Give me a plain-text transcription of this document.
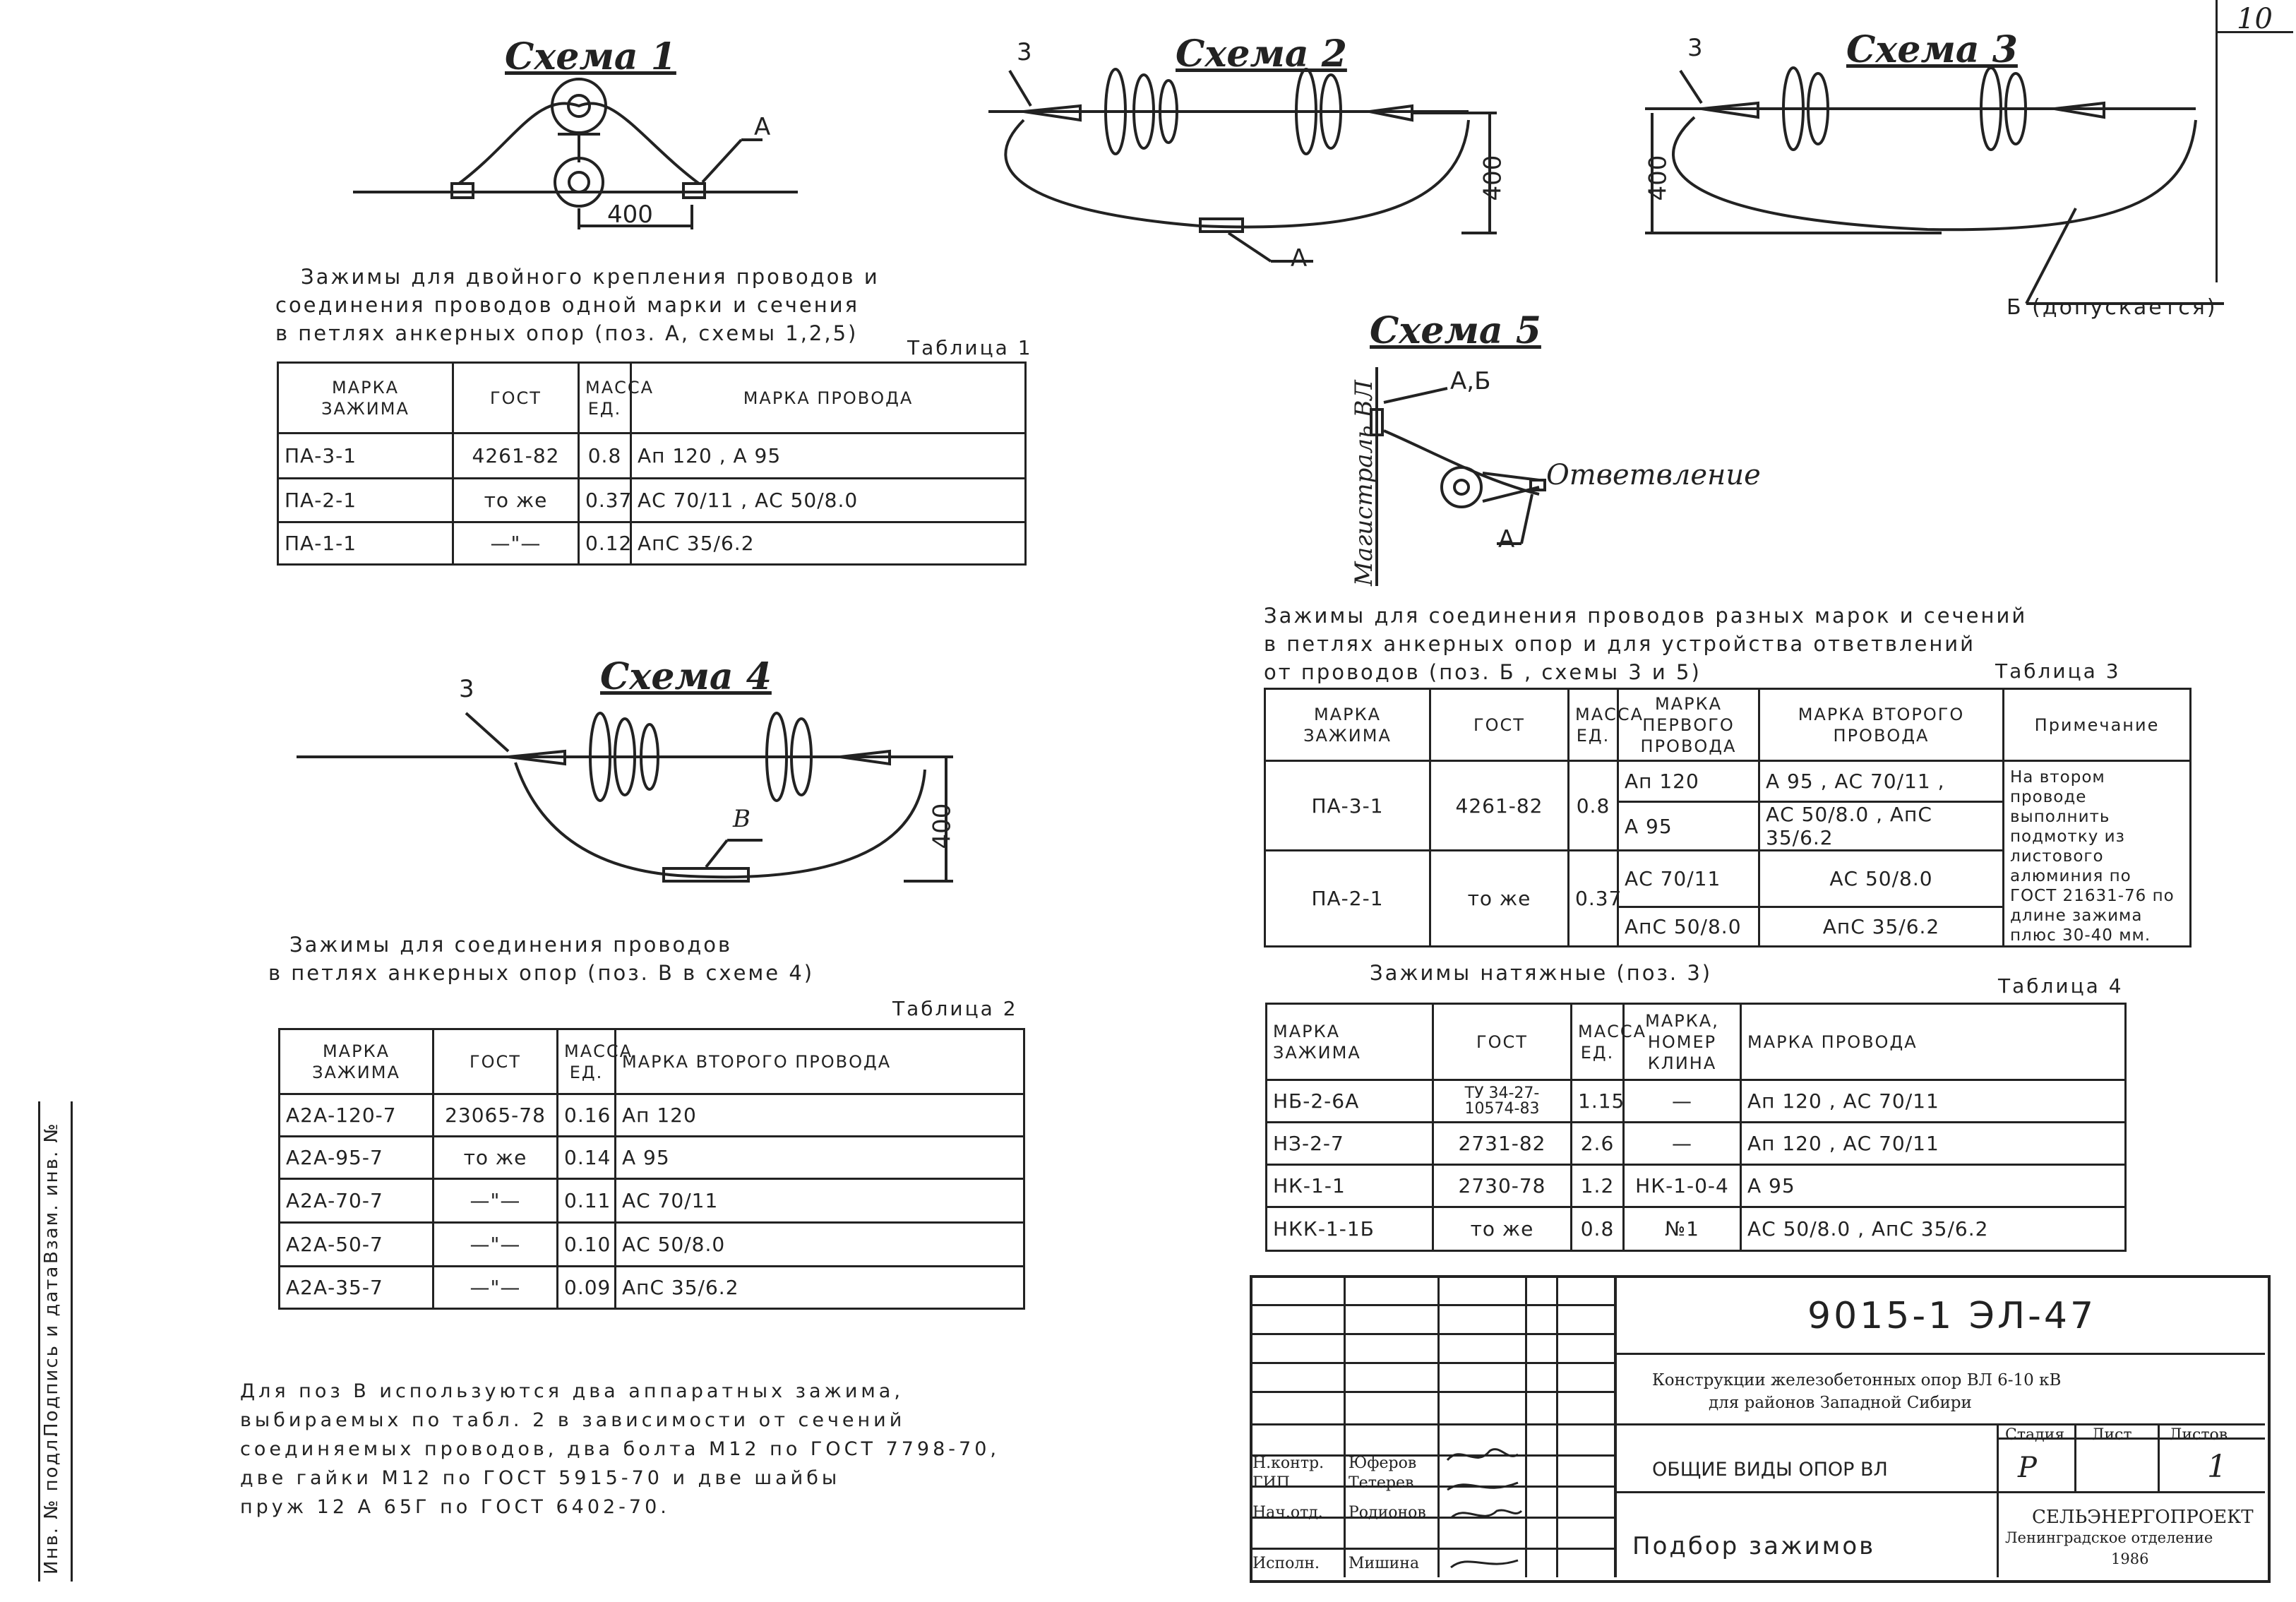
10
Схема 1
А
400
Схема 2
3
400
А
Схема 3
3
400
Б (допускается)
Схема 5
А,Б
Ответвление
А
Магистраль ВЛ
Зажимы для двойного крепления проводов и
соединения проводов одной марки и сечения
в петлях анкерных опор (поз. А, схемы 1,2,5)
Таблица 1
МАРКА ЗАЖИМА	ГОСТ	МАССА ЕД.	МАРКА ПРОВОДА
ПА-3-1	4261-82	0.8	Ап 120 , А 95
ПА-2-1	то же	0.37	АС 70/11 , АС 50/8.0
ПА-1-1	—"—	0.12	АпС 35/6.2
Схема 4
3
В	400
Зажимы для соединения проводов
в петлях анкерных опор (поз. В в схеме 4)
Таблица 2
МАРКА ЗАЖИМА	ГОСТ	МАССА ЕД.	МАРКА ВТОРОГО ПРОВОДА
А2А-120-7	23065-78	0.16	Ап 120
А2А-95-7	то же	0.14	А 95
А2А-70-7	—"—	0.11	АС 70/11
А2А-50-7	—"—	0.10	АС 50/8.0
А2А-35-7	—"—	0.09	АпС 35/6.2
Для поз В используются два аппаратных зажима,
выбираемых по табл. 2 в зависимости от сечений
соединяемых проводов, два болта М12 по ГОСТ 7798-70,
две гайки М12 по ГОСТ 5915-70 и две шайбы
пруж 12 А 65Г по ГОСТ 6402-70.
Зажимы для соединения проводов разных марок и сечений
в петлях анкерных опор и для устройства ответвлений
от проводов (поз. Б , схемы 3 и 5)	Таблица 3
МАРКА ЗАЖИМА	ГОСТ	МАССА ЕД.	МАРКА ПЕРВОГО ПРОВОДА	МАРКА ВТОРОГО ПРОВОДА	Примечание
ПА-3-1	4261-82	0.8	Ап 120	А 95 , АС 70/11 ,	На втором проводе выполнить подмотку из листового алюминия по ГОСТ 21631-76 по длине зажима плюс 30-40 мм.
			А 95	АС 50/8.0 , АпС 35/6.2	
ПА-2-1	то же	0.37	АС 70/11	АС 50/8.0	
			АпС 50/8.0	АпС 35/6.2	
Зажимы натяжные (поз. 3)
Таблица 4
МАРКА ЗАЖИМА	ГОСТ	МАССА ЕД.	МАРКА, НОМЕР КЛИНА	МАРКА ПРОВОДА
НБ-2-6А	ТУ 34-27-10574-83	1.15	—	Ап 120 , АС 70/11
НЗ-2-7	2731-82	2.6	—	Ап 120 , АС 70/11
НК-1-1	2730-78	1.2	НК-1-0-4	А 95
НКК-1-1Б	то же	0.8	№1	АС 50/8.0 , АпС 35/6.2
9015-1 ЭЛ-47
Конструкции железобетонных опор ВЛ 6-10 кВ
для районов Западной Сибири
ОБЩИЕ ВИДЫ ОПОР ВЛ
Подбор зажимов
Стадия Лист Листов
Р	1
СЕЛЬЭНЕРГОПРОЕКТ
Ленинградское отделение
1986
Н.контр.
ГИП
Нач.отд.
Исполн.
Юферов
Тетерев
Родионов
Мишина
Инв. № подл.
Подпись и дата
Взам. инв. №
